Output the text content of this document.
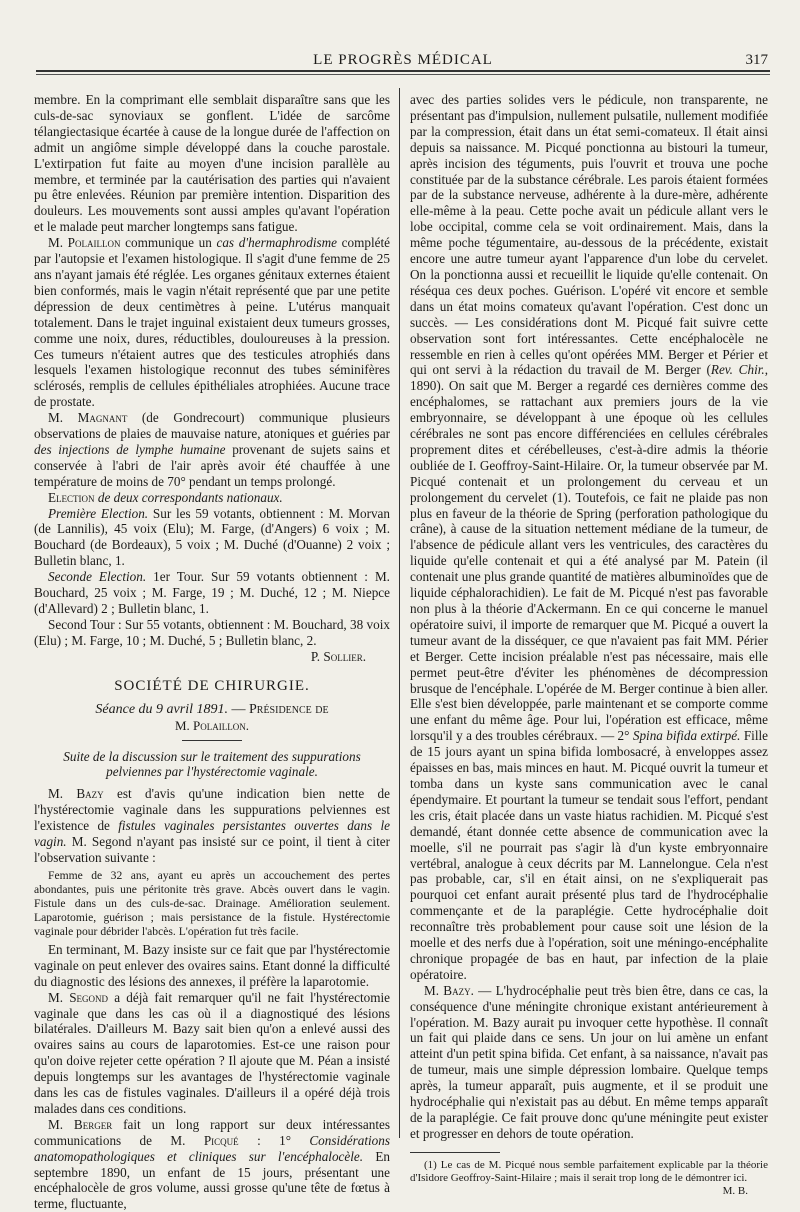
LE PROGRÈS MÉDICAL	317

membre. En la comprimant elle semblait disparaître sans que les culs-de-sac synoviaux se gonflent. L'idée de sarcôme télangiectasique écartée à cause de la longue durée de l'affection on admit un angiôme simple développé dans la couche parostale. L'extirpation fut faite au moyen d'une incision parallèle au membre, et terminée par la cautérisation des parties qui n'avaient pu être enlevées. Réunion par première intention. Disparition des douleurs. Les mouvements sont aussi amples qu'avant l'opération et le malade peut marcher longtemps sans fatigue.

M. Polaillon communique un cas d'hermaphrodisme complété par l'autopsie et l'examen histologique. Il s'agit d'une femme de 25 ans n'ayant jamais été réglée. Les organes génitaux externes étaient bien conformés, mais le vagin n'était représenté que par une petite dépression de deux centimètres à peine. L'utérus manquait totalement. Dans le trajet inguinal existaient deux tumeurs grosses, comme une noix, dures, réductibles, douloureuses à la pression. Ces tumeurs n'étaient autres que des testicules atrophiés dans lesquels l'examen histologique reconnut des tubes séminifères sclérosés, remplis de cellules épithéliales atrophiées. Aucune trace de prostate.

M. Magnant (de Gondrecourt) communique plusieurs observations de plaies de mauvaise nature, atoniques et guéries par des injections de lymphe humaine provenant de sujets sains et conservée à l'abri de l'air après avoir été chauffée à une température de moins de 70° pendant un temps prolongé.

Election de deux correspondants nationaux.

Première Election. Sur les 59 votants, obtiennent : M. Morvan (de Lannilis), 45 voix (Elu); M. Farge, (d'Angers) 6 voix ; M. Bouchard (de Bordeaux), 5 voix ; M. Duché (d'Ouanne) 2 voix ; Bulletin blanc, 1.

Seconde Election. 1er Tour. Sur 59 votants obtiennent : M. Bouchard, 25 voix ; M. Farge, 19 ; M. Duché, 12 ; M. Niepce (d'Allevard) 2 ; Bulletin blanc, 1.

Second Tour : Sur 55 votants, obtiennent : M. Bouchard, 38 voix (Elu) ; M. Farge, 10 ; M. Duché, 5 ; Bulletin blanc, 2.

P. Sollier.

SOCIÉTÉ DE CHIRURGIE.
Séance du 9 avril 1891. — Présidence de
M. Polaillon.
Suite de la discussion sur le traitement des suppurations pelviennes par l'hystérectomie vaginale.

M. Bazy est d'avis qu'une indication bien nette de l'hystérectomie vaginale dans les suppurations pelviennes est l'existence de fistules vaginales persistantes ouvertes dans le vagin. M. Segond n'ayant pas insisté sur ce point, il tient à citer l'observation suivante :

Femme de 32 ans, ayant eu après un accouchement des pertes abondantes, puis une péritonite très grave. Abcès ouvert dans le vagin. Fistule dans un des culs-de-sac. Drainage. Amélioration seulement. Laparotomie, guérison ; mais persistance de la fistule. Hystérectomie vaginale pour débrider l'abcès. L'opération fut très facile.

En terminant, M. Bazy insiste sur ce fait que par l'hystérectomie vaginale on peut enlever des ovaires sains. Etant donné la difficulté du diagnostic des lésions des annexes, il préfère la laparotomie.

M. Segond a déjà fait remarquer qu'il ne fait l'hystérectomie vaginale que dans les cas où il a diagnostiqué des lésions bilatérales. D'ailleurs M. Bazy sait bien qu'on a enlevé aussi des ovaires sains au cours de laparotomies. Est-ce une raison pour qu'on doive rejeter cette opération ? Il ajoute que M. Péan a insisté depuis longtemps sur les avantages de l'hystérectomie vaginale dans les cas de fistules vaginales. D'ailleurs il a opéré déjà trois malades dans ces conditions.

M. Berger fait un long rapport sur deux intéressantes communications de M. Picqué : 1° Considérations anatomopathologiques et cliniques sur l'encéphalocèle. En septembre 1890, un enfant de 15 jours, présentant une encéphalocèle de gros volume, aussi grosse qu'une tête de fœtus à terme, fluctuante,

avec des parties solides vers le pédicule, non transparente, ne présentant pas d'impulsion, nullement pulsatile, nullement modifiée par la compression, était dans un état semi-comateux. Il était ainsi depuis sa naissance. M. Picqué ponctionna au bistouri la tumeur, après incision des téguments, puis l'ouvrit et trouva une poche constituée par de la substance cérébrale. Les parois étaient formées par de la substance nerveuse, adhérente à la dure-mère, adhérente elle-même à la peau. Cette poche avait un pédicule allant vers le lobe occipital, comme cela se voit ordinairement. Mais, dans la même poche tégumentaire, au-dessous de la précédente, existait encore une autre tumeur ayant l'apparence d'un lobe du cervelet. On la ponctionna aussi et recueillit le liquide qu'elle contenait. On réséqua ces deux poches. Guérison. L'opéré vit encore et semble dans un état moins comateux qu'avant l'opération. C'est donc un succès. — Les considérations dont M. Picqué fait suivre cette observation sont fort intéressantes. Cette encéphalocèle ne ressemble en rien à celles qu'ont opérées MM. Berger et Périer et qui ont servi à la rédaction du travail de M. Berger (Rev. Chir., 1890). On sait que M. Berger a regardé ces dernières comme des encéphalomes, se rattachant aux premiers jours de la vie embryonnaire, se développant à une époque où les cellules cérébrales ne sont pas encore différenciées en cellules cérébrales proprement dites et cérébelleuses, c'est-à-dire admis la théorie oubliée de I. Geoffroy-Saint-Hilaire. Or, la tumeur observée par M. Picqué contenait et un prolongement du cerveau et un prolongement du cervelet (1). Toutefois, ce fait ne plaide pas non plus en faveur de la théorie de Spring (perforation pathologique du crâne), à cause de la situation nettement médiane de la tumeur, de l'absence de pédicule allant vers les ventricules, des caractères du liquide qu'elle contenait et qui a été analysé par M. Patein (il contenait une plus grande quantité de matières albuminoïdes que de liquide céphalorachidien). Le fait de M. Picqué n'est pas favorable non plus à la théorie d'Ackermann. En ce qui concerne le manuel opératoire suivi, il importe de remarquer que M. Picqué a ouvert la tumeur avant de la disséquer, ce que n'avaient pas fait MM. Périer et Berger. Cette incision préalable n'est pas nécessaire, mais elle permet peut-être d'éviter les phénomènes de décompression brusque de l'encéphale. L'opérée de M. Berger continue à bien aller. Elle s'est bien développée, parle maintenant et se comporte comme une enfant du même âge. Pour lui, l'opération est efficace, même lorsqu'il y a des troubles cérébraux. — 2° Spina bifida extirpé. Fille de 15 jours ayant un spina bifida lombosacré, à enveloppes assez épaisses en bas, mais minces en haut. M. Picqué ouvrit la tumeur et tomba dans un kyste sans communication avec le canal épendymaire. Et pourtant la tumeur se tendait sous l'effort, pendant les cris, était placée dans un vaste hiatus rachidien. M. Picqué s'est demandé, étant donnée cette absence de communication avec la moelle, s'il ne pourrait pas s'agir là d'un kyste embryonnaire vertébral, analogue à ceux décrits par M. Lannelongue. Cela n'est pas probable, car, s'il en était ainsi, on ne s'expliquerait pas pourquoi cet enfant aurait présenté plus tard de l'hydrocéphalie commençante et de la paraplégie. Cette hydrocéphalie doit reconnaître très probablement pour cause soit une lésion de la moelle et des nerfs due à l'opération, soit une méningo-encéphalite chronique propagée de bas en haut, par infection de la plaie opératoire.

M. Bazy. — L'hydrocéphalie peut très bien être, dans ce cas, la conséquence d'une méningite chronique existant antérieurement à l'opération. M. Bazy aurait pu invoquer cette hypothèse. Il connaît un fait qui plaide dans ce sens. Un jour on lui amène un enfant atteint d'un petit spina bifida. Cet enfant, à sa naissance, n'avait pas de tumeur, mais une simple dépression lombaire. Quelque temps après, la tumeur apparaît, puis augmente, et il se produit une hydrocéphalie qui n'existait pas au début. En même temps apparaît de la paraplégie. Ce fait prouve donc qu'une méningite peut exister et progresser en dehors de toute opération.

(1) Le cas de M. Picqué nous semble parfaitement explicable par la théorie d'Isidore Geoffroy-Saint-Hilaire ; mais il serait trop long de le démontrer ici.
M. B.
